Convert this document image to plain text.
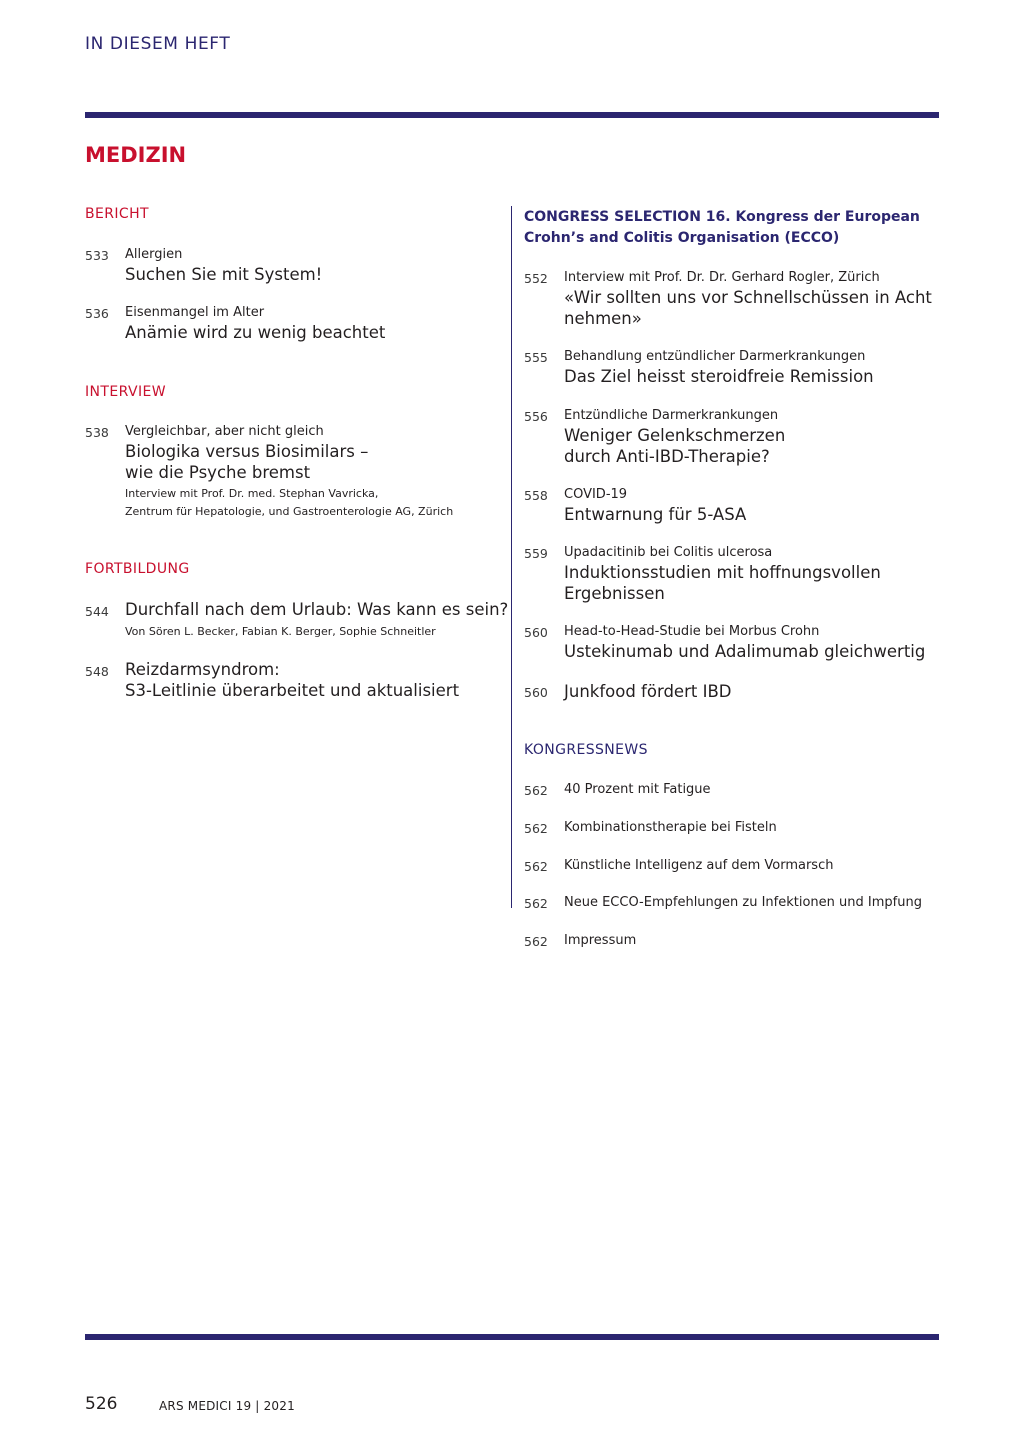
IN DIESEM HEFT
MEDIZIN
BERICHT
533 Allergien
Suchen Sie mit System!
536 Eisenmangel im Alter
Anämie wird zu wenig beachtet
INTERVIEW
538 Vergleichbar, aber nicht gleich
Biologika versus Biosimilars –
wie die Psyche bremst
Interview mit Prof. Dr. med. Stephan Vavricka,
Zentrum für Hepatologie, und Gastroenterologie AG, Zürich
FORTBILDUNG
544 Durchfall nach dem Urlaub: Was kann es sein?
Von Sören L. Becker, Fabian K. Berger, Sophie Schneitler
548 Reizdarmsyndrom:
S3-Leitlinie überarbeitet und aktualisiert
CONGRESS SELECTION 16. Kongress der European
Crohn’s and Colitis Organisation (ECCO)
552 Interview mit Prof. Dr. Dr. Gerhard Rogler, Zürich
«Wir sollten uns vor Schnellschüssen in Acht
nehmen»
555 Behandlung entzündlicher Darmerkrankungen
Das Ziel heisst steroidfreie Remission
556 Entzündliche Darmerkrankungen
Weniger Gelenkschmerzen
durch Anti-IBD-Therapie?
558 COVID-19
Entwarnung für 5-ASA
559 Upadacitinib bei Colitis ulcerosa
Induktionsstudien mit hoffnungsvollen
Ergebnissen
560 Head-to-Head-Studie bei Morbus Crohn
Ustekinumab und Adalimumab gleichwertig
560 Junkfood fördert IBD
KONGRESSNEWS
562 40 Prozent mit Fatigue
562 Kombinationstherapie bei Fisteln
562 Künstliche Intelligenz auf dem Vormarsch
562 Neue ECCO-Empfehlungen zu Infektionen und Impfung
562 Impressum
526	ARS MEDICI 19 | 2021
